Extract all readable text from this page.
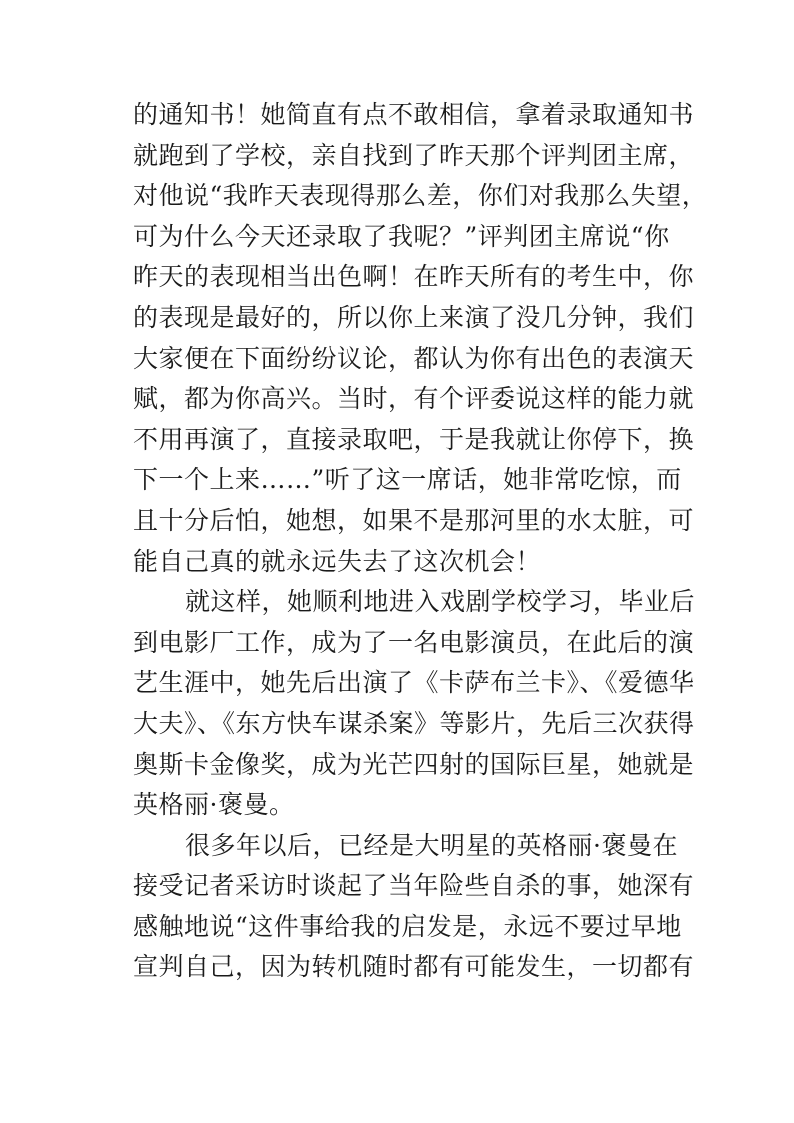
的通知书！她简直有点不敢相信，拿着录取通知书
就跑到了学校，亲自找到了昨天那个评判团主席，
对他说“我昨天表现得那么差，你们对我那么失望，
可为什么今天还录取了我呢？”评判团主席说“你
昨天的表现相当出色啊！在昨天所有的考生中，你
的表现是最好的，所以你上来演了没几分钟，我们
大家便在下面纷纷议论，都认为你有出色的表演天
赋，都为你高兴。当时，有个评委说这样的能力就
不用再演了，直接录取吧，于是我就让你停下，换
下一个上来……”听了这一席话，她非常吃惊，而
且十分后怕，她想，如果不是那河里的水太脏，可
能自己真的就永远失去了这次机会！
就这样，她顺利地进入戏剧学校学习，毕业后
到电影厂工作，成为了一名电影演员，在此后的演
艺生涯中，她先后出演了《卡萨布兰卡》、《爱德华
大夫》、《东方快车谋杀案》等影片，先后三次获得
奥斯卡金像奖，成为光芒四射的国际巨星，她就是
英格丽·褒曼。
很多年以后，已经是大明星的英格丽·褒曼在
接受记者采访时谈起了当年险些自杀的事，她深有
感触地说“这件事给我的启发是，永远不要过早地
宣判自己，因为转机随时都有可能发生，一切都有
